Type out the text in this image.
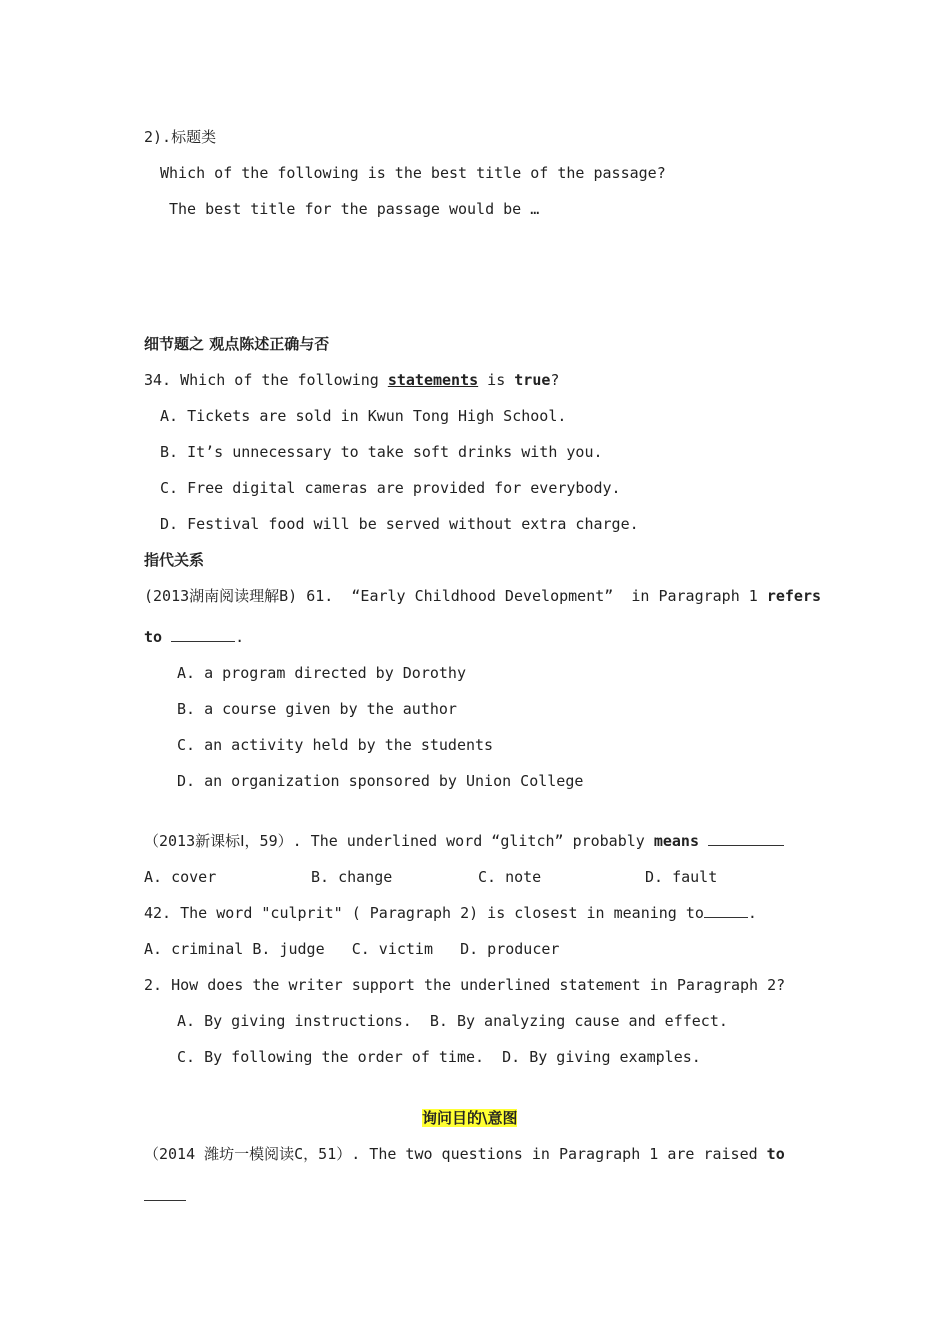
2).标题类
Which of the following is the best title of the passage?
The best title for the passage would be …
细节题之 观点陈述正确与否
34. Which of the following statements is true?
A. Tickets are sold in Kwun Tong High School.
B. It’s unnecessary to take soft drinks with you.
C. Free digital cameras are provided for everybody.
D. Festival food will be served without extra charge.
指代关系
(2013湖南阅读理解B) 61.  “Early Childhood Development”  in Paragraph 1 refers
to	.
A. a program directed by Dorothy
B. a course given by the author
C. an activity held by the students
D. an organization sponsored by Union College
（2013新课标Ⅰ，59）. The underlined word “glitch” probably means
A. cover	B. change	C. note	D. fault
42. The word "culprit" ( Paragraph 2) is closest in meaning to	.
A. criminal B. judge   C. victim   D. producer
2. How does the writer support the underlined statement in Paragraph 2?
A. By giving instructions.  B. By analyzing cause and effect.
C. By following the order of time.  D. By giving examples.
询问目的\意图
（2014 潍坊一模阅读C，51）. The two questions in Paragraph 1 are raised to
